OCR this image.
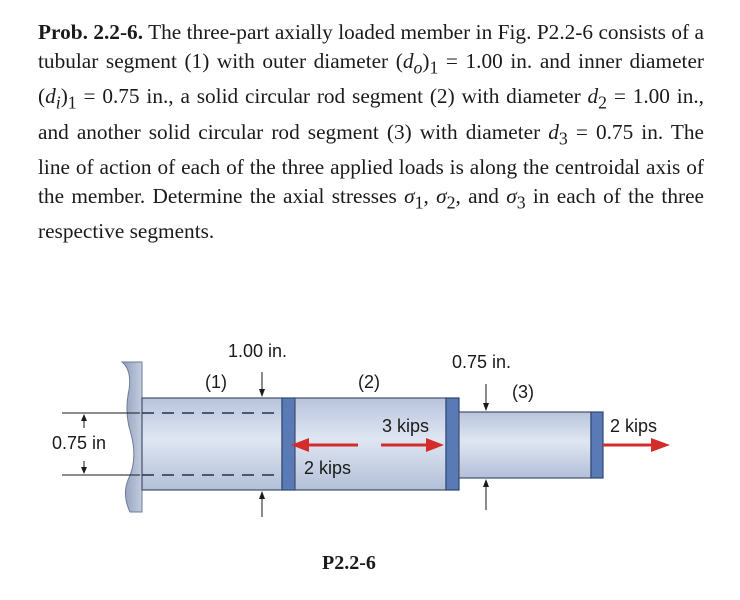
Prob. 2.2-6. The three-part axially loaded member in Fig. P2.2-6 consists of a tubular segment (1) with outer diameter $(d_o)_1 = 1.00$ in. and inner diameter $(d_i)_1 = 0.75$ in., a solid circular rod segment (2) with diameter $d_2 = 1.00$ in., and another solid circular rod segment (3) with diameter $d_3 = 0.75$ in. The line of action of each of the three applied loads is along the centroidal axis of the member. Determine the axial stresses $\sigma_1$, $\sigma_2$, and $\sigma_3$ in each of the three respective segments.
0.75 in
1.00 in.
0.75 in.
(1)	(2)	(3)
3 kips
2 kips
2 kips
P2.2-6
